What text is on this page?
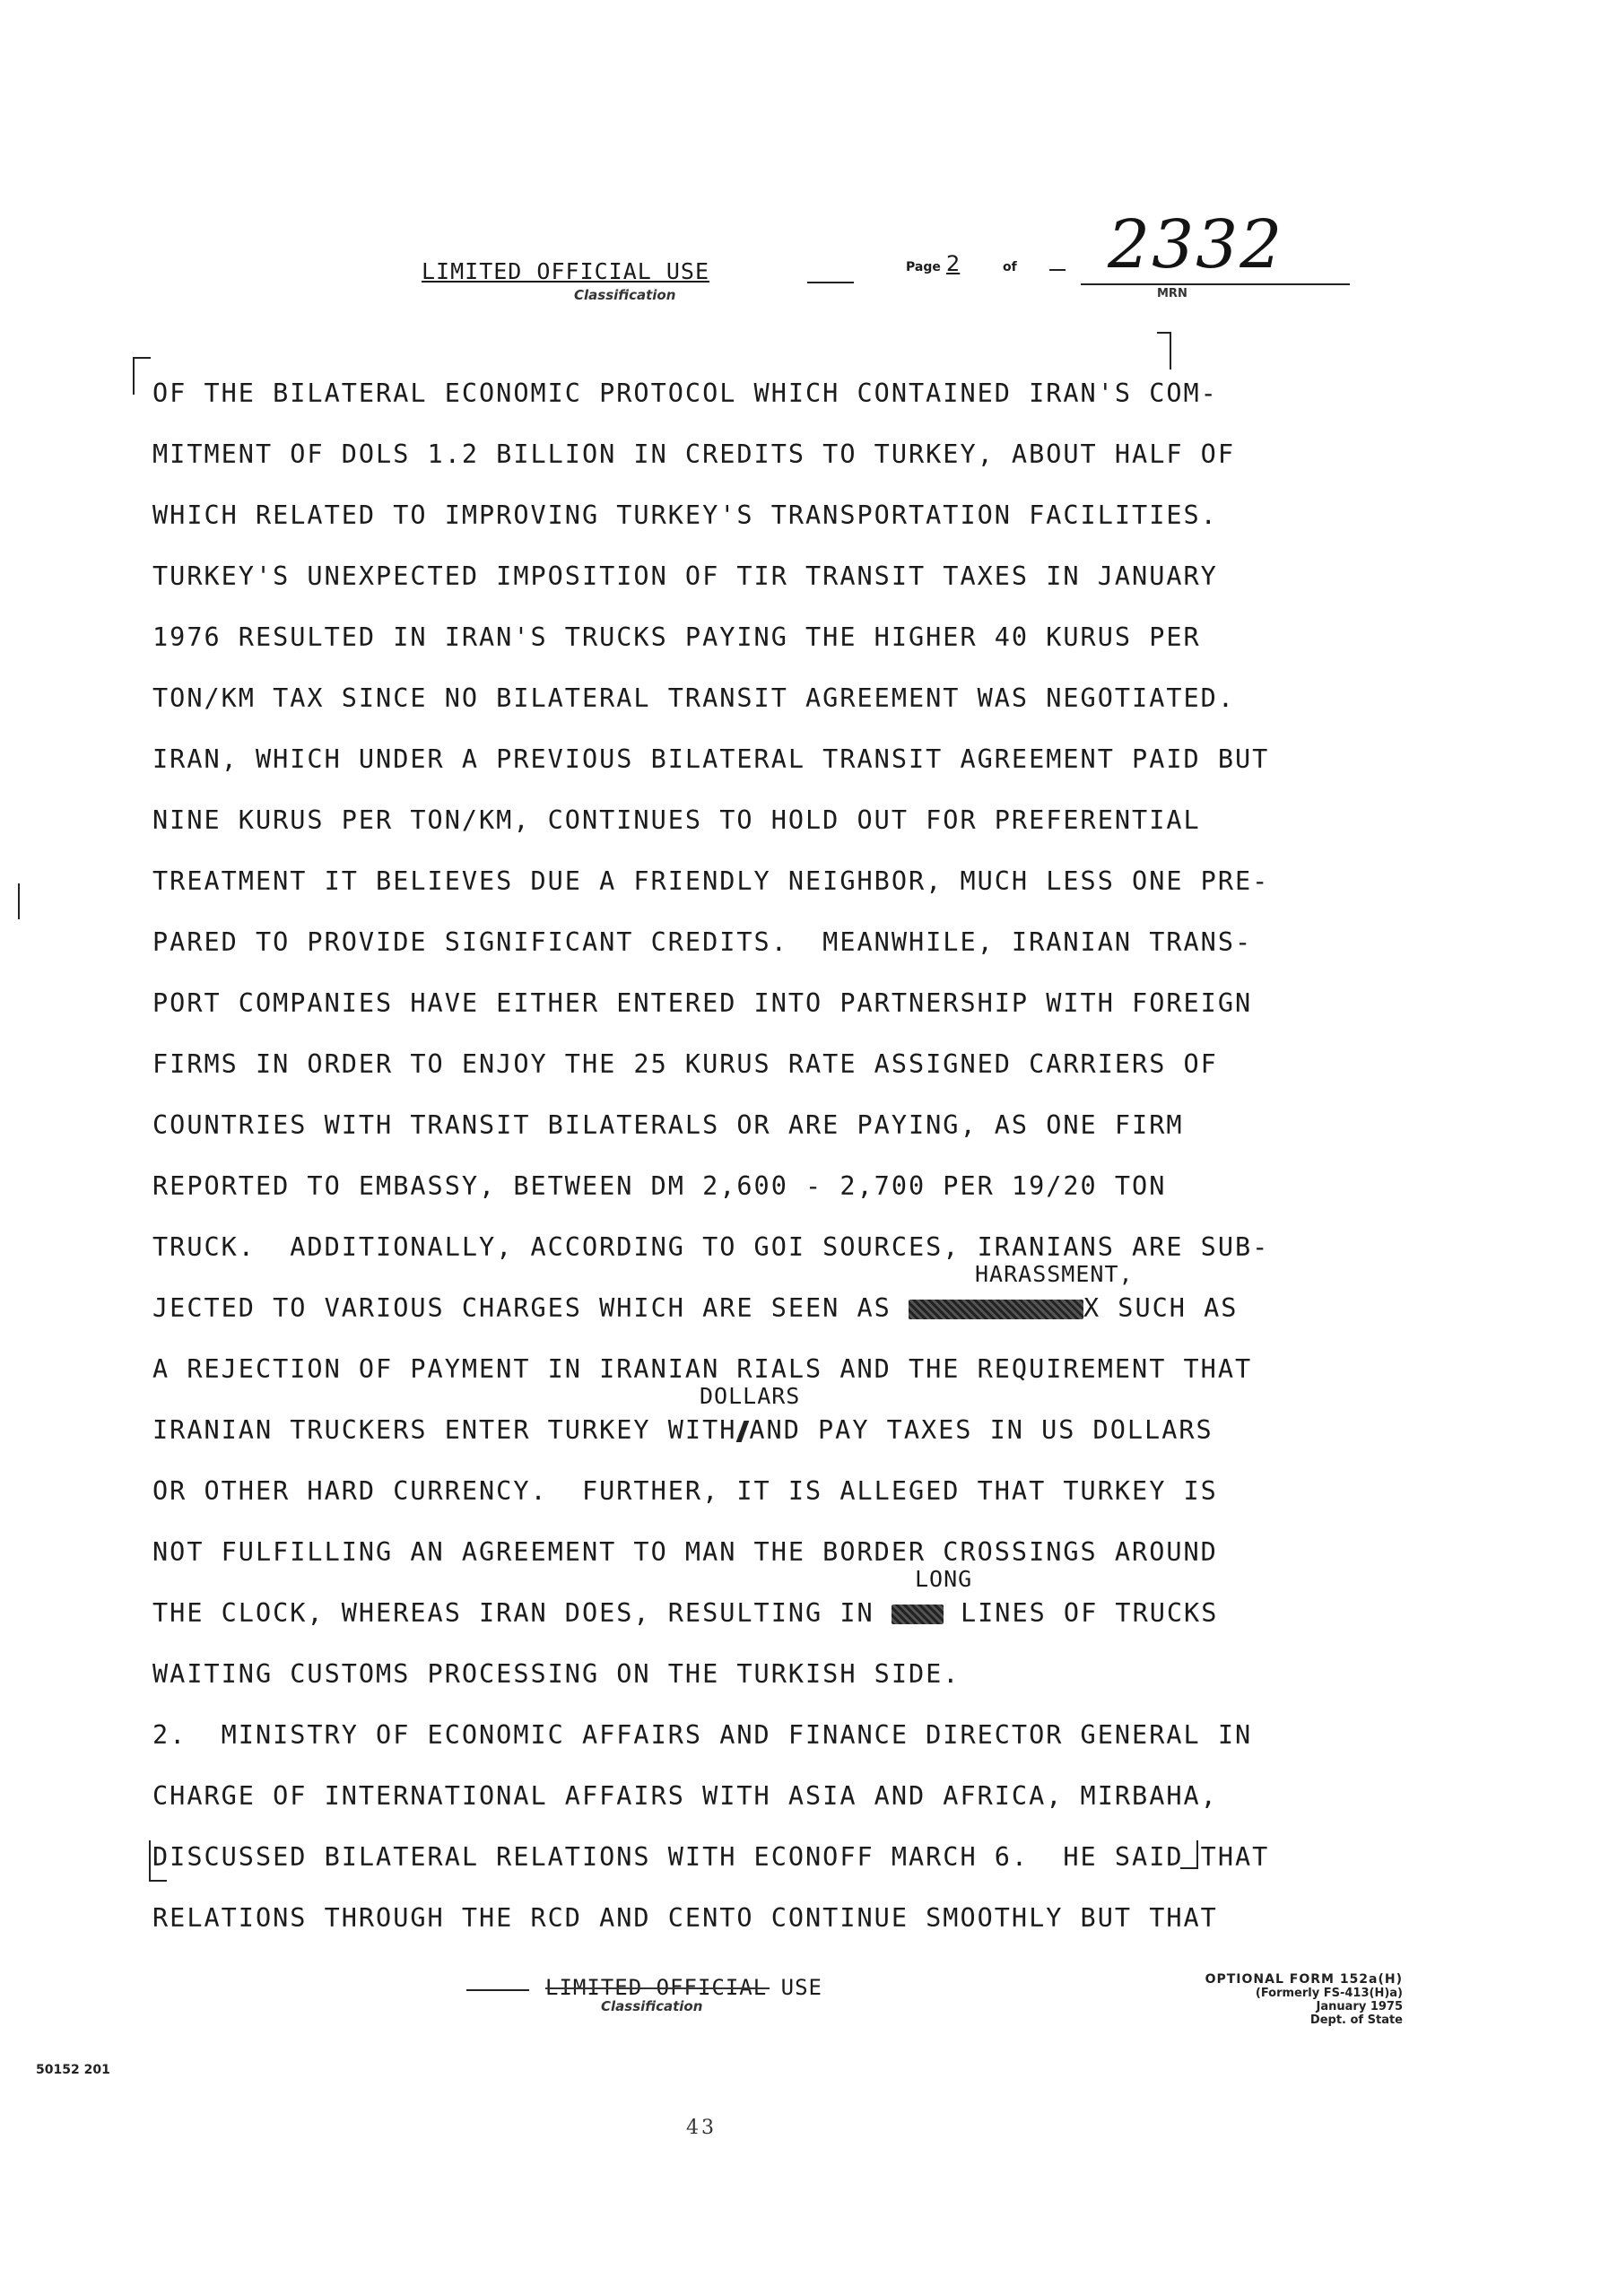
LIMITED OFFICIAL USE
Classification
Page 2	of 2332
MRN
OF THE BILATERAL ECONOMIC PROTOCOL WHICH CONTAINED IRAN'S COM-
MITMENT OF DOLS 1.2 BILLION IN CREDITS TO TURKEY, ABOUT HALF OF
WHICH RELATED TO IMPROVING TURKEY'S TRANSPORTATION FACILITIES.
TURKEY'S UNEXPECTED IMPOSITION OF TIR TRANSIT TAXES IN JANUARY
1976 RESULTED IN IRAN'S TRUCKS PAYING THE HIGHER 40 KURUS PER
TON/KM TAX SINCE NO BILATERAL TRANSIT AGREEMENT WAS NEGOTIATED.
IRAN, WHICH UNDER A PREVIOUS BILATERAL TRANSIT AGREEMENT PAID BUT
NINE KURUS PER TON/KM, CONTINUES TO HOLD OUT FOR PREFERENTIAL
TREATMENT IT BELIEVES DUE A FRIENDLY NEIGHBOR, MUCH LESS ONE PRE-
PARED TO PROVIDE SIGNIFICANT CREDITS.  MEANWHILE, IRANIAN TRANS-
PORT COMPANIES HAVE EITHER ENTERED INTO PARTNERSHIP WITH FOREIGN
FIRMS IN ORDER TO ENJOY THE 25 KURUS RATE ASSIGNED CARRIERS OF
COUNTRIES WITH TRANSIT BILATERALS OR ARE PAYING, AS ONE FIRM
REPORTED TO EMBASSY, BETWEEN DM 2,600 - 2,700 PER 19/20 TON
TRUCK.  ADDITIONALLY, ACCORDING TO GOI SOURCES, IRANIANS ARE SUB-
JECTED TO VARIOUS CHARGES WHICH ARE SEEN AS	X SUCH AS
HARASSMENT,
A REJECTION OF PAYMENT IN IRANIAN RIALS AND THE REQUIREMENT THAT
IRANIAN TRUCKERS ENTER TURKEY WITH AND PAY TAXES IN US DOLLARS
DOLLARS
OR OTHER HARD CURRENCY.  FURTHER, IT IS ALLEGED THAT TURKEY IS
NOT FULFILLING AN AGREEMENT TO MAN THE BORDER CROSSINGS AROUND
THE CLOCK, WHEREAS IRAN DOES, RESULTING IN  LINES OF TRUCKS
LONG
WAITING CUSTOMS PROCESSING ON THE TURKISH SIDE.
2.  MINISTRY OF ECONOMIC AFFAIRS AND FINANCE DIRECTOR GENERAL IN
CHARGE OF INTERNATIONAL AFFAIRS WITH ASIA AND AFRICA, MIRBAHA,
DISCUSSED BILATERAL RELATIONS WITH ECONOFF MARCH 6.  HE SAID THAT
RELATIONS THROUGH THE RCD AND CENTO CONTINUE SMOOTHLY BUT THAT
LIMITED OFFICIAL USE
Classification
OPTIONAL FORM 152a(H)
(Formerly FS-413(H)a)
January 1975
Dept. of State
50152 201
43
